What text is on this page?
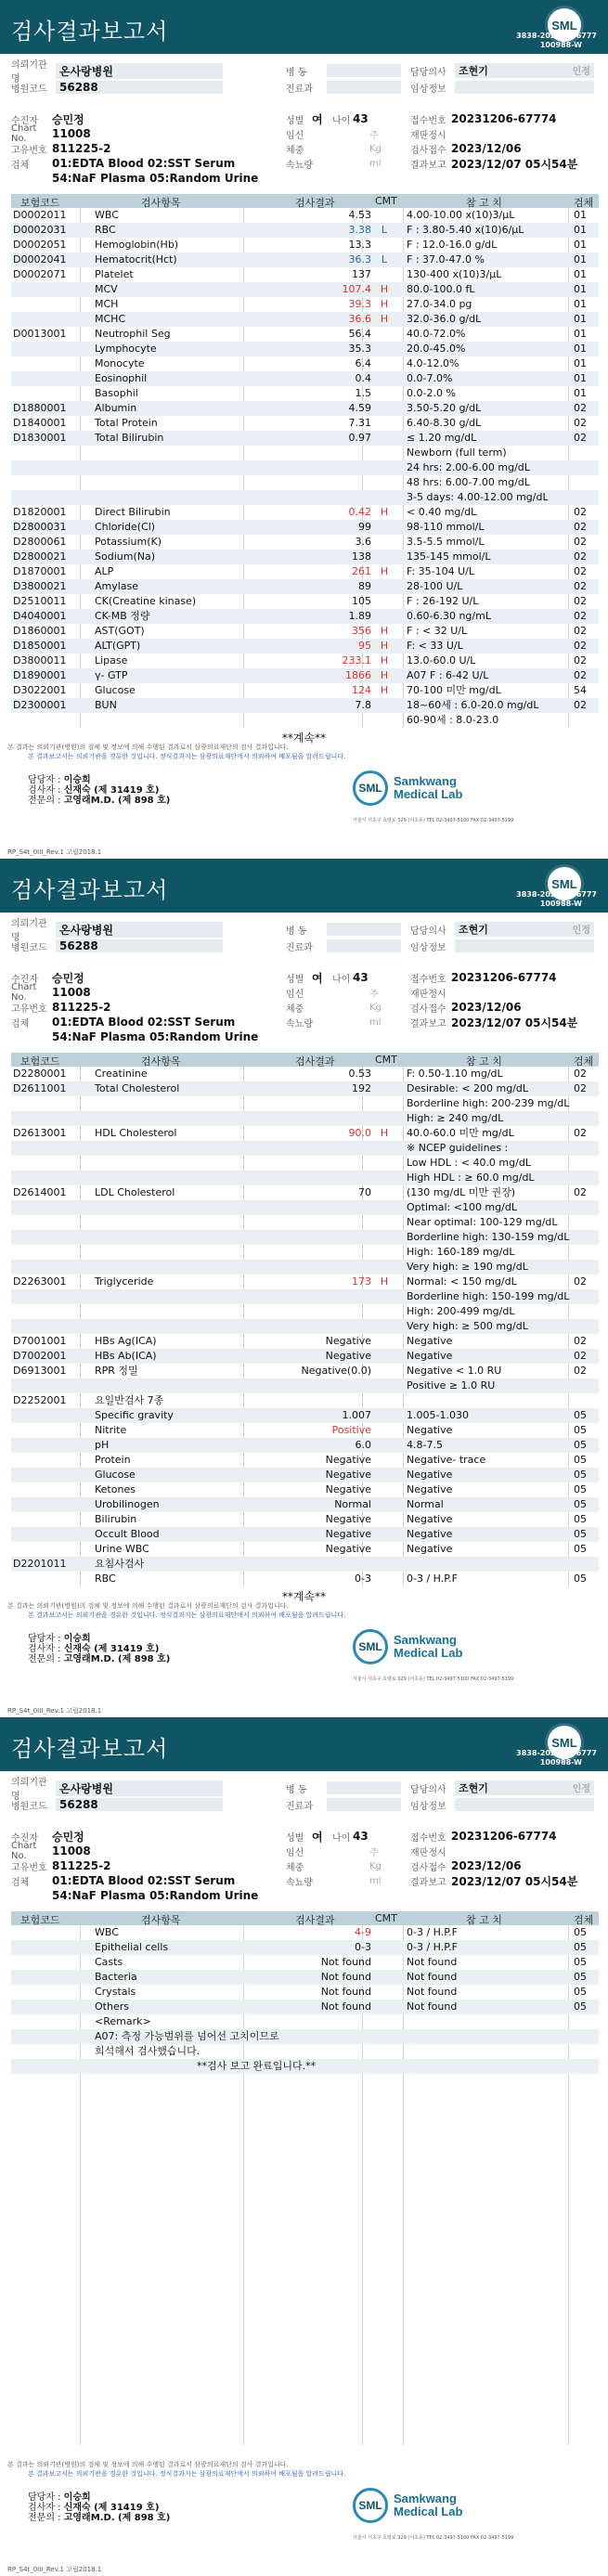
검사결과보고서	SML
3838-20231206777
100988-W
의뢰기관명
온사랑병원
병원코드	56288
병 동
진료과
담당의사	조현기	인정
임상정보
수진자	승민정
Chart No.	11008
고유번호 811225-2
검체	01:EDTA Blood 02:SST Serum
54:NaF Plasma 05:Random Urine
성별 여	나이 43
임신	주
체중	Kg
속뇨량	ml
접수번호 20231206-67774
재판정시
검사접수 2023/12/06
결과보고 2023/12/07 05시54분
보험코드	검사항목	검사결과	CMT	참 고 치	검체
D0002011	WBC	4.53	4.00-10.00 x(10)3/μL	01
D0002031	RBC	3.38 L	F : 3.80-5.40 x(10)6/μL	01
D0002051	Hemoglobin(Hb)	13.3	F : 12.0-16.0 g/dL	01
D0002041	Hematocrit(Hct)	36.3 L	F : 37.0-47.0 %	01
D0002071	Platelet	137	130-400 x(10)3/μL	01
MCV	107.4 H	80.0-100.0 fL	01
MCH	39.3 H	27.0-34.0 pg	01
MCHC	36.6 H	32.0-36.0 g/dL	01
D0013001	Neutrophil Seg	56.4	40.0-72.0%	01
Lymphocyte	35.3	20.0-45.0%	01
Monocyte	6.4	4.0-12.0%	01
Eosinophil	0.4	0.0-7.0%	01
Basophil	1.5	0.0-2.0 %	01
D1880001	Albumin	4.59	3.50-5.20 g/dL	02
D1840001	Total Protein	7.31	6.40-8.30 g/dL	02
D1830001	Total Bilirubin	0.97	≤ 1.20 mg/dL	02
Newborn (full term)
24 hrs: 2.00-6.00 mg/dL
48 hrs: 6.00-7.00 mg/dL
3-5 days: 4.00-12.00 mg/dL
D1820001	Direct Bilirubin	0.42 H	< 0.40 mg/dL	02
D2800031	Chloride(Cl)	99	98-110 mmol/L	02
D2800061	Potassium(K)	3.6	3.5-5.5 mmol/L	02
D2800021	Sodium(Na)	138	135-145 mmol/L	02
D1870001	ALP	261 H	F: 35-104 U/L	02
D3800021	Amylase	89	28-100 U/L	02
D2510011	CK(Creatine kinase)	105	F : 26-192 U/L	02
D4040001	CK-MB 정량	1.89	0.60-6.30 ng/mL	02
D1860001	AST(GOT)	356 H	F : < 32 U/L	02
D1850001	ALT(GPT)	95 H	F: < 33 U/L	02
D3800011	Lipase	233.1 H	13.0-60.0 U/L	02
D1890001	γ- GTP	1866 H	A07 F : 6-42 U/L	02
D3022001	Glucose	124 H	70-100 미만 mg/dL	54
D2300001	BUN	7.8	18~60세 : 6.0-20.0 mg/dL	02
60-90세 : 8.0-23.0
본 결과는 의뢰기관(병원)의 검체 및 정보에 의해 수행된 결과로서 삼광의료재단의 검사 결과입니다.
본 결과보고서는 의뢰기관을 경유한 것입니다. 정식결과지는 삼광의료재단에서 의뢰하여 배포됨을 알려드립니다.
담당자 : 이승희
검사자 : 신재숙 (제 31419 호)
전문의 : 고영래M.D. (제 898 호)
SML Samkwang
Medical Lab
서울시 서초구 효령로 329 (서초동) TEL 02-3497-5100 FAX 02-3497-5199
RP_S4t_0III_Rev.1 고립2018.1
**계속**
검사결과보고서	SML
3838-20231206777
100988-W
의뢰기관명
온사랑병원
병원코드	56288
병 동
진료과
담당의사	조현기	인정
임상정보
수진자	승민정
Chart No.	11008
고유번호 811225-2
검체	01:EDTA Blood 02:SST Serum
54:NaF Plasma 05:Random Urine
성별 여	나이 43
임신	주
체중	Kg
속뇨량	ml
접수번호 20231206-67774
재판정시
검사접수 2023/12/06
결과보고 2023/12/07 05시54분
보험코드	검사항목	검사결과	CMT	참 고 치	검체
D2280001	Creatinine	0.53	F: 0.50-1.10 mg/dL	02
D2611001	Total Cholesterol	192	Desirable: < 200 mg/dL	02
Borderline high: 200-239 mg/dL
High: ≥ 240 mg/dL
D2613001	HDL Cholesterol	90.0 H	40.0-60.0 미만 mg/dL	02
※ NCEP guidelines :
Low HDL : < 40.0 mg/dL
High HDL : ≥ 60.0 mg/dL
D2614001	LDL Cholesterol	70	(130 mg/dL 미만 권장)	02
Optimal: <100 mg/dL
Near optimal: 100-129 mg/dL
Borderline high: 130-159 mg/dL
High: 160-189 mg/dL
Very high: ≥ 190 mg/dL
D2263001	Triglyceride	173 H	Normal: < 150 mg/dL	02
Borderline high: 150-199 mg/dL
High: 200-499 mg/dL
Very high: ≥ 500 mg/dL
D7001001	HBs Ag(ICA)	Negative	Negative	02
D7002001	HBs Ab(ICA)	Negative	Negative	02
D6913001	RPR 정밀	Negative(0.0)	Negative < 1.0 RU	02
Positive ≥ 1.0 RU
D2252001	요일반검사 7종
Specific gravity	1.007	1.005-1.030	05
Nitrite	Positive	Negative	05
pH	6.0	4.8-7.5	05
Protein	Negative	Negative- trace	05
Glucose	Negative	Negative	05
Ketones	Negative	Negative	05
Urobilinogen	Normal	Normal	05
Bilirubin	Negative	Negative	05
Occult Blood	Negative	Negative	05
Urine WBC	Negative	Negative	05
D2201011	요침사검사
RBC	0-3	0-3 / H.P.F	05
본 결과는 의뢰기관(병원)의 검체 및 정보에 의해 수행된 결과로서 삼광의료재단의 검사 결과입니다.
본 결과보고서는 의뢰기관을 경유한 것입니다. 정식결과지는 삼광의료재단에서 의뢰하여 배포됨을 알려드립니다.
담당자 : 이승희
검사자 : 신재숙 (제 31419 호)
전문의 : 고영래M.D. (제 898 호)
SML Samkwang
Medical Lab
서울시 서초구 효령로 329 (서초동) TEL 02-3497-5100 FAX 02-3497-5199
RP_S4t_0III_Rev.1 고립2018.1
**계속**
검사결과보고서	SML
3838-20231206777
100988-W
의뢰기관명
온사랑병원
병원코드	56288
병 동
진료과
담당의사	조현기	인정
임상정보
수진자	승민정
Chart No.	11008
고유번호 811225-2
검체	01:EDTA Blood 02:SST Serum
54:NaF Plasma 05:Random Urine
성별 여	나이 43
임신	주
체중	Kg
속뇨량	ml
접수번호 20231206-67774
재판정시
검사접수 2023/12/06
결과보고 2023/12/07 05시54분
보험코드	검사항목	검사결과	CMT	참 고 치	검체
WBC	4-9	0-3 / H.P.F	05
Epithelial cells	0-3	0-3 / H.P.F	05
Casts	Not found	Not found	05
Bacteria	Not found	Not found	05
Crystals	Not found	Not found	05
Others	Not found	Not found	05
<Remark>
A07: 측정 가능범위를 넘어선 고치이므로
희석해서 검사했습니다.
**검사 보고 완료입니다.**
본 결과는 의뢰기관(병원)의 검체 및 정보에 의해 수행된 결과로서 삼광의료재단의 검사 결과입니다.
본 결과보고서는 의뢰기관을 경유한 것입니다. 정식결과지는 삼광의료재단에서 의뢰하여 배포됨을 알려드립니다.
담당자 : 이승희
검사자 : 신재숙 (제 31419 호)
전문의 : 고영래M.D. (제 898 호)
SML Samkwang
Medical Lab
서울시 서초구 효령로 329 (서초동) TEL 02-3497-5100 FAX 02-3497-5199
RP_S4t_0III_Rev.1 고립2018.1
